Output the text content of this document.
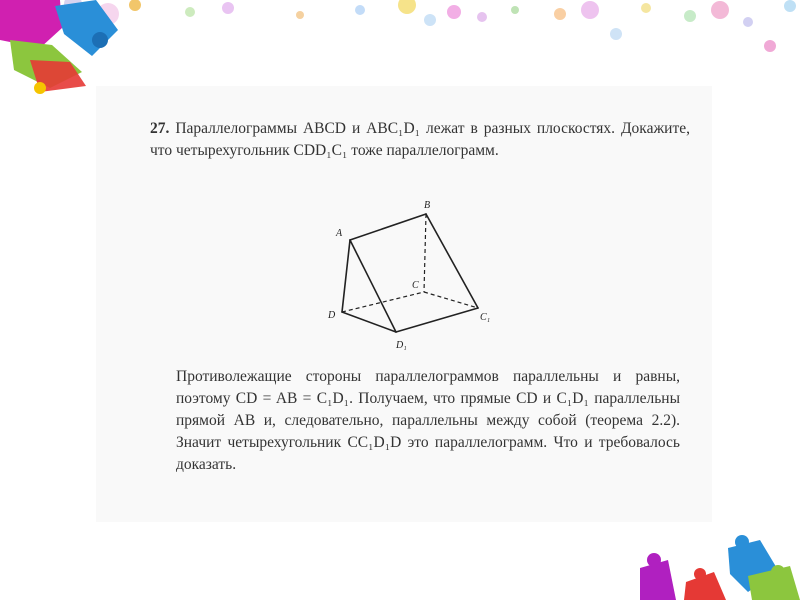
27. Параллелограммы ABCD и ABC₁D₁ лежат в разных плоскостях. Докажите, что четырехугольник CDD₁C₁ тоже параллелограмм.
A
B
C
D	C₁
D₁
Противолежащие стороны параллелограммов параллельны и равны, поэтому CD = AB = C₁D₁. Получаем, что прямые CD и C₁D₁ параллельны прямой AB и, следовательно, параллельны между собой (теорема 2.2). Значит четырехугольник CC₁D₁D это параллелограмм. Что и требовалось доказать.
